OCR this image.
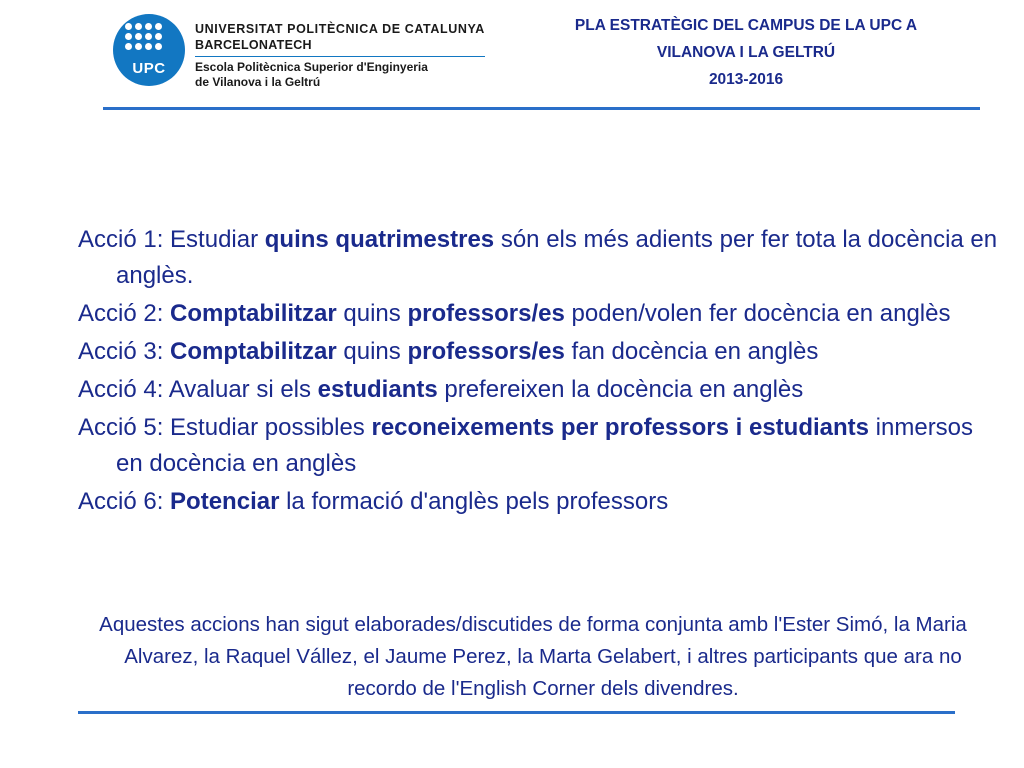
UPC
UNIVERSITAT POLITÈCNICA DE CATALUNYA
BARCELONATECH
Escola Politècnica Superior d'Enginyeria
de Vilanova i la Geltrú
PLA ESTRATÈGIC DEL CAMPUS DE LA UPC A
VILANOVA I LA GELTRÚ
2013-2016
Acció 1: Estudiar quins quatrimestres són els més adients per fer tota la docència en anglès.
Acció 2: Comptabilitzar quins professors/es poden/volen fer docència en anglès
Acció 3: Comptabilitzar quins professors/es fan docència en anglès
Acció 4: Avaluar si els estudiants prefereixen la docència en anglès
Acció 5: Estudiar possibles reconeixements per professors i estudiants inmersos en docència en anglès
Acció 6: Potenciar la formació d'anglès pels professors
Aquestes accions han sigut elaborades/discutides de forma conjunta amb l'Ester Simó, la Maria Alvarez, la Raquel Vállez, el Jaume Perez, la Marta Gelabert, i altres participants que ara no recordo de l'English Corner dels divendres.
